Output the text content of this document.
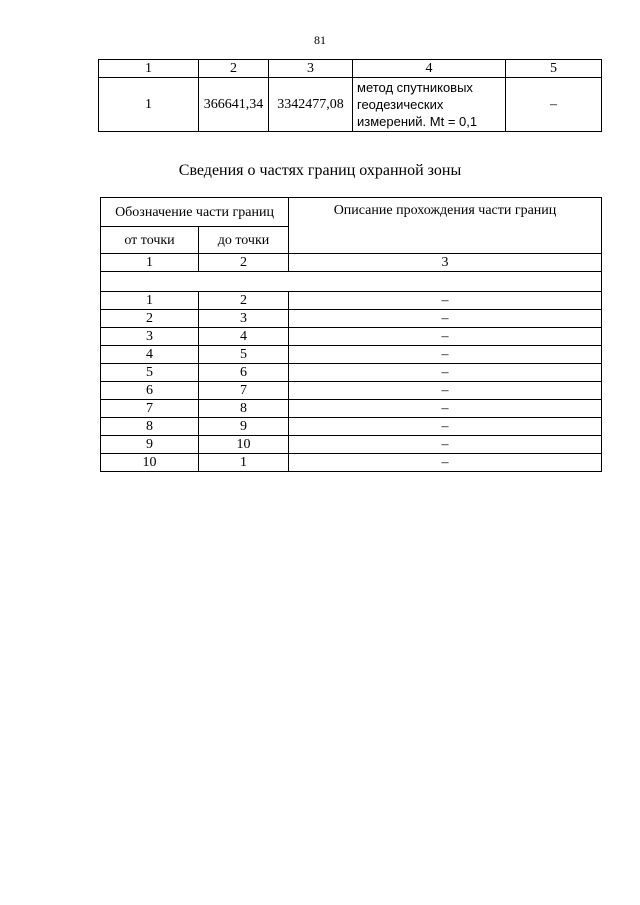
81
1	2	3	4	5
1	366641,34	3342477,08	метод спутниковых
геодезических
измерений. Mt = 0,1	–
Сведения о частях границ охранной зоны
Обозначение части границ		Описание прохождения части границ
от точки	до точки	
1	2	3

1	2	–
2	3	–
3	4	–
4	5	–
5	6	–
6	7	–
7	8	–
8	9	–
9	10	–
10	1	–
